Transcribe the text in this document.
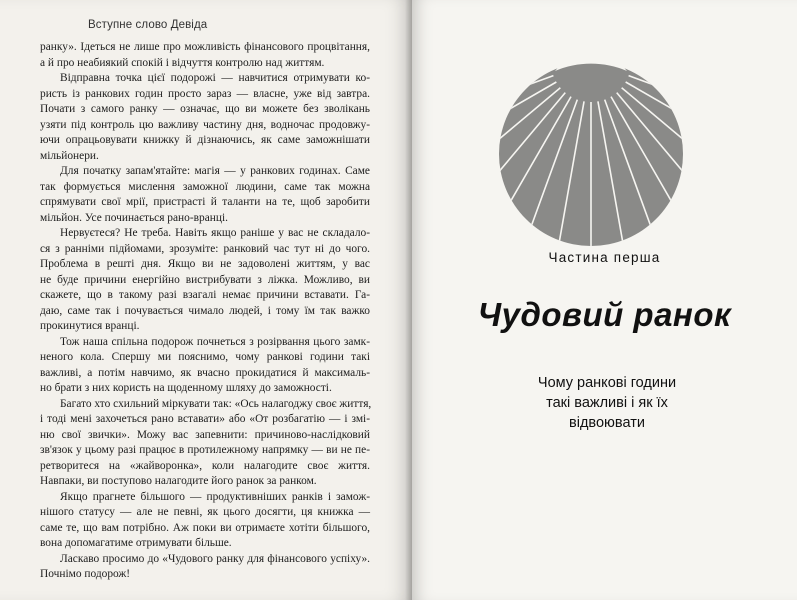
Вступне слово Девіда
ранку». Ідеться не лише про можливість фінансового процвітання,
а й про неабиякий спокій і відчуття контролю над життям.
Відправна точка цієї подорожі — навчитися отримувати ко-
ристь із ранкових годин просто зараз — власне, уже від завтра.
Почати з самого ранку — означає, що ви можете без зволікань
узяти під контроль цю важливу частину дня, водночас продовжу-
ючи опрацьовувати книжку й дізнаючись, як саме заможнішати
мільйонери.
Для початку запам'ятайте: магія — у ранкових годинах. Саме
так формується мислення заможної людини, саме так можна
спрямувати свої мрії, пристрасті й таланти на те, щоб заробити
мільйон. Усе починається рано-вранці.
Нервуєтеся? Не треба. Навіть якщо раніше у вас не складало-
ся з ранніми підйомами, зрозуміте: ранковий час тут ні до чого.
Проблема в решті дня. Якщо ви не задоволені життям, у вас
не буде причини енергійно вистрибувати з ліжка. Можливо, ви
скажете, що в такому разі взагалі немає причини вставати. Га-
даю, саме так і почувається чимало людей, і тому їм так важко
прокинутися вранці.
Тож наша спільна подорож почнеться з розірвання цього замк-
неного кола. Спершу ми пояснимо, чому ранкові години такі
важливі, а потім навчимо, як вчасно прокидатися й максималь-
но брати з них користь на щоденному шляху до заможності.
Багато хто схильний міркувати так: «Ось налагоджу своє життя,
і тоді мені захочеться рано вставати» або «От розбагатію — і змі-
ню свої звички». Можу вас запевнити: причиново-наслідковий
зв'язок у цьому разі працює в протилежному напрямку — ви не пе-
ретворитеся на «жайворонка», коли налагодите своє життя.
Навпаки, ви поступово налагодите його ранок за ранком.
Якщо прагнете більшого — продуктивніших ранків і замож-
нішого статусу — але не певні, як цього досягти, ця книжка —
саме те, що вам потрібно. Аж поки ви отримаєте хотіти більшого,
вона допомагатиме отримувати більше.
Ласкаво просимо до «Чудового ранку для фінансового успіху».
Почнімо подорож!
Частина перша
Чудовий ранок
Чому ранкові години
такі важливі і як їх
відвоювати
